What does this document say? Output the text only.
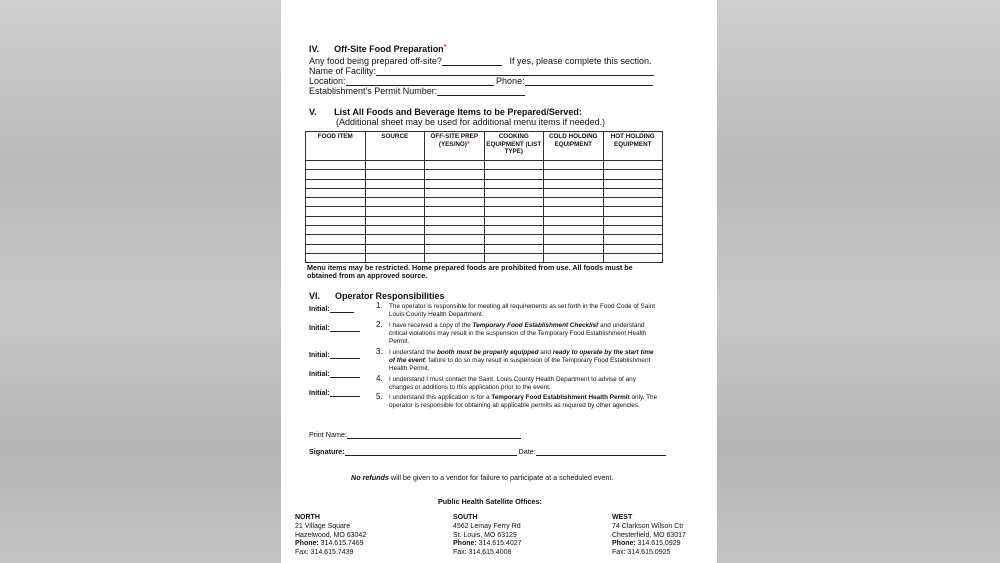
IV.      Off-Site Food Preparation*
Any food being prepared off-site?	If yes, please complete this section.
Name of Facility:
Location:	Phone:
Establishment's Permit Number:
V.       List All Foods and Beverage Items to be Prepared/Served:
(Additional sheet may be used for additional menu items if needed.)
FOOD ITEM	SOURCE	OFF-SITE PREP (YES/NO)*	COOKING EQUIPMENT (LIST TYPE)	COLD HOLDING EQUIPMENT	HOT HOLDING EQUIPMENT

Menu items may be restricted. Home prepared foods are prohibited from use. All foods must be
obtained from an approved source.
VI.      Operator Responsibilities
Initial:	1. The operator is responsible for meeting all requirements as set forth in the Food Code of Saint Louis County Health Department.
Initial:	2. I have received a copy of the Temporary Food Establishment Checklist and understand critical violations may result in the suspension of the Temporary Food Establishment Health Permit.
Initial:	3. I understand the booth must be properly equipped and ready to operate by the start time of the event; failure to do so may result in suspension of the Temporary Food Establishment Health Permit.
Initial:	4. I understand I must contact the Saint. Louis County Health Department to advise of any changes or additions to this application prior to the event.
Initial:	5. I understand this application is for a Temporary Food Establishment Health Permit only. The operator is responsible for obtaining all applicable permits as required by other agencies.
Print Name:
Signature:	Date:
No refunds will be given to a vendor for failure to participate at a scheduled event.
Public Health Satellite Offices:
NORTH
21 Village Square
Hazelwood, MO 63042
Phone: 314.615.7469
Fax: 314.615.7439
SOUTH
4562 Lemay Ferry Rd
St. Louis, MO 63129
Phone: 314.615.4027
Fax: 314.615.4008
WEST
74 Clarkson Wilson Ctr
Chesterfield, MO 63017
Phone: 314.615.0929
Fax: 314.615.0925
